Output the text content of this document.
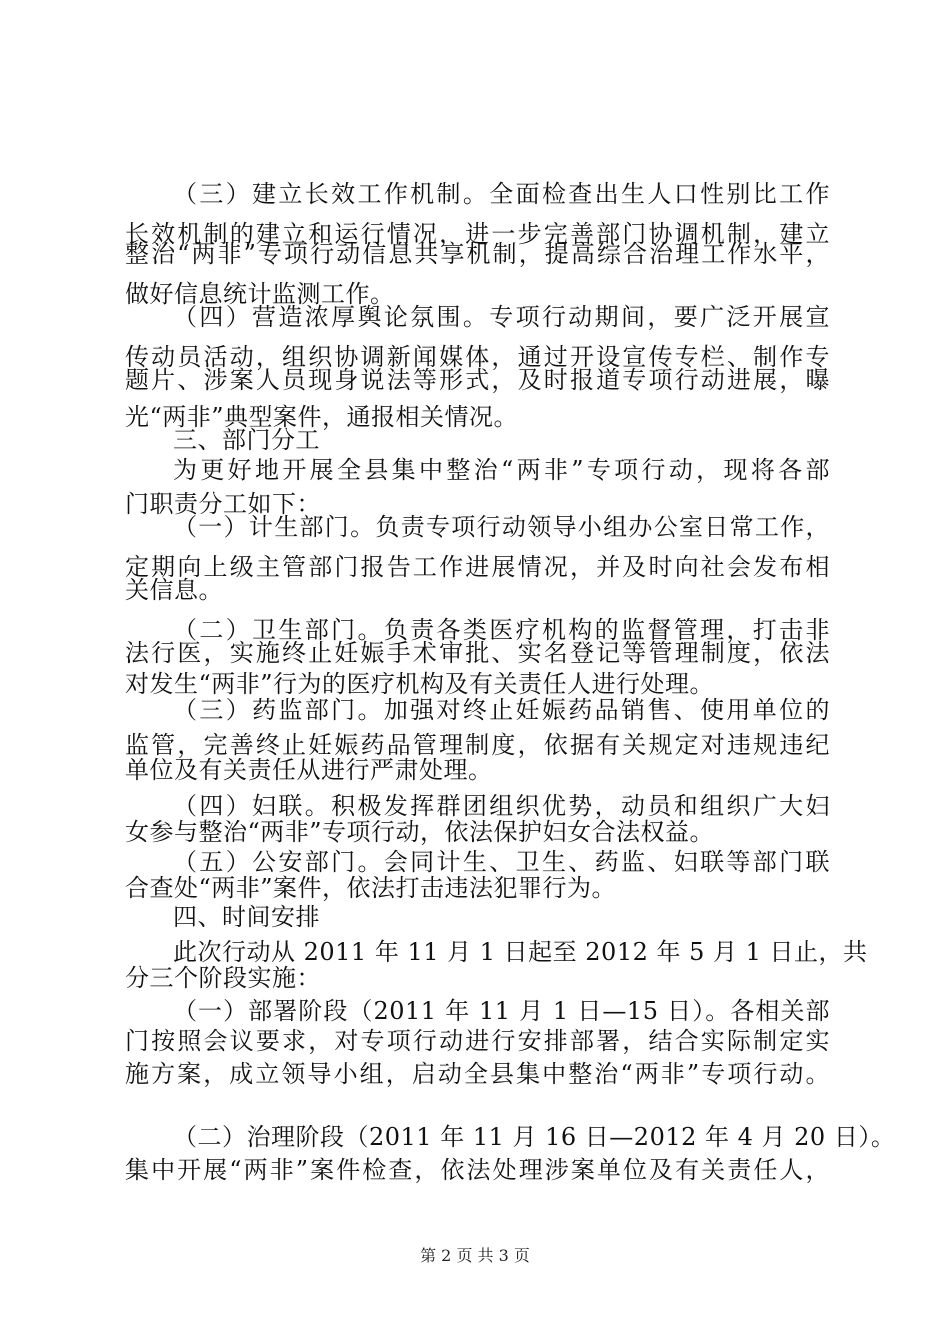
（三）建立长效工作机制。全面检查出生人口性别比工作
长效机制的建立和运行情况，进一步完善部门协调机制，建立
整治“两非”专项行动信息共享机制，提高综合治理工作水平，
做好信息统计监测工作。
（四）营造浓厚舆论氛围。专项行动期间，要广泛开展宣
传动员活动，组织协调新闻媒体，通过开设宣传专栏、制作专
题片、涉案人员现身说法等形式，及时报道专项行动进展，曝
光“两非”典型案件，通报相关情况。
三、部门分工
为更好地开展全县集中整治“两非”专项行动，现将各部
门职责分工如下：
（一）计生部门。负责专项行动领导小组办公室日常工作，
定期向上级主管部门报告工作进展情况，并及时向社会发布相
关信息。
（二）卫生部门。负责各类医疗机构的监督管理，打击非
法行医，实施终止妊娠手术审批、实名登记等管理制度，依法
对发生“两非”行为的医疗机构及有关责任人进行处理。
（三）药监部门。加强对终止妊娠药品销售、使用单位的
监管，完善终止妊娠药品管理制度，依据有关规定对违规违纪
单位及有关责任从进行严肃处理。
（四）妇联。积极发挥群团组织优势，动员和组织广大妇
女参与整治“两非”专项行动，依法保护妇女合法权益。
（五）公安部门。会同计生、卫生、药监、妇联等部门联
合查处“两非”案件，依法打击违法犯罪行为。
四、时间安排
此次行动从 2011 年 11 月 1 日起至 2012 年 5 月 1 日止，共
分三个阶段实施：
（一）部署阶段（2011 年 11 月 1 日—15 日）。各相关部
门按照会议要求，对专项行动进行安排部署，结合实际制定实
施方案，成立领导小组，启动全县集中整治“两非”专项行动。
（二）治理阶段（2011 年 11 月 16 日—2012 年 4 月 20 日）。
集中开展“两非”案件检查，依法处理涉案单位及有关责任人，
第 2 页 共 3 页
